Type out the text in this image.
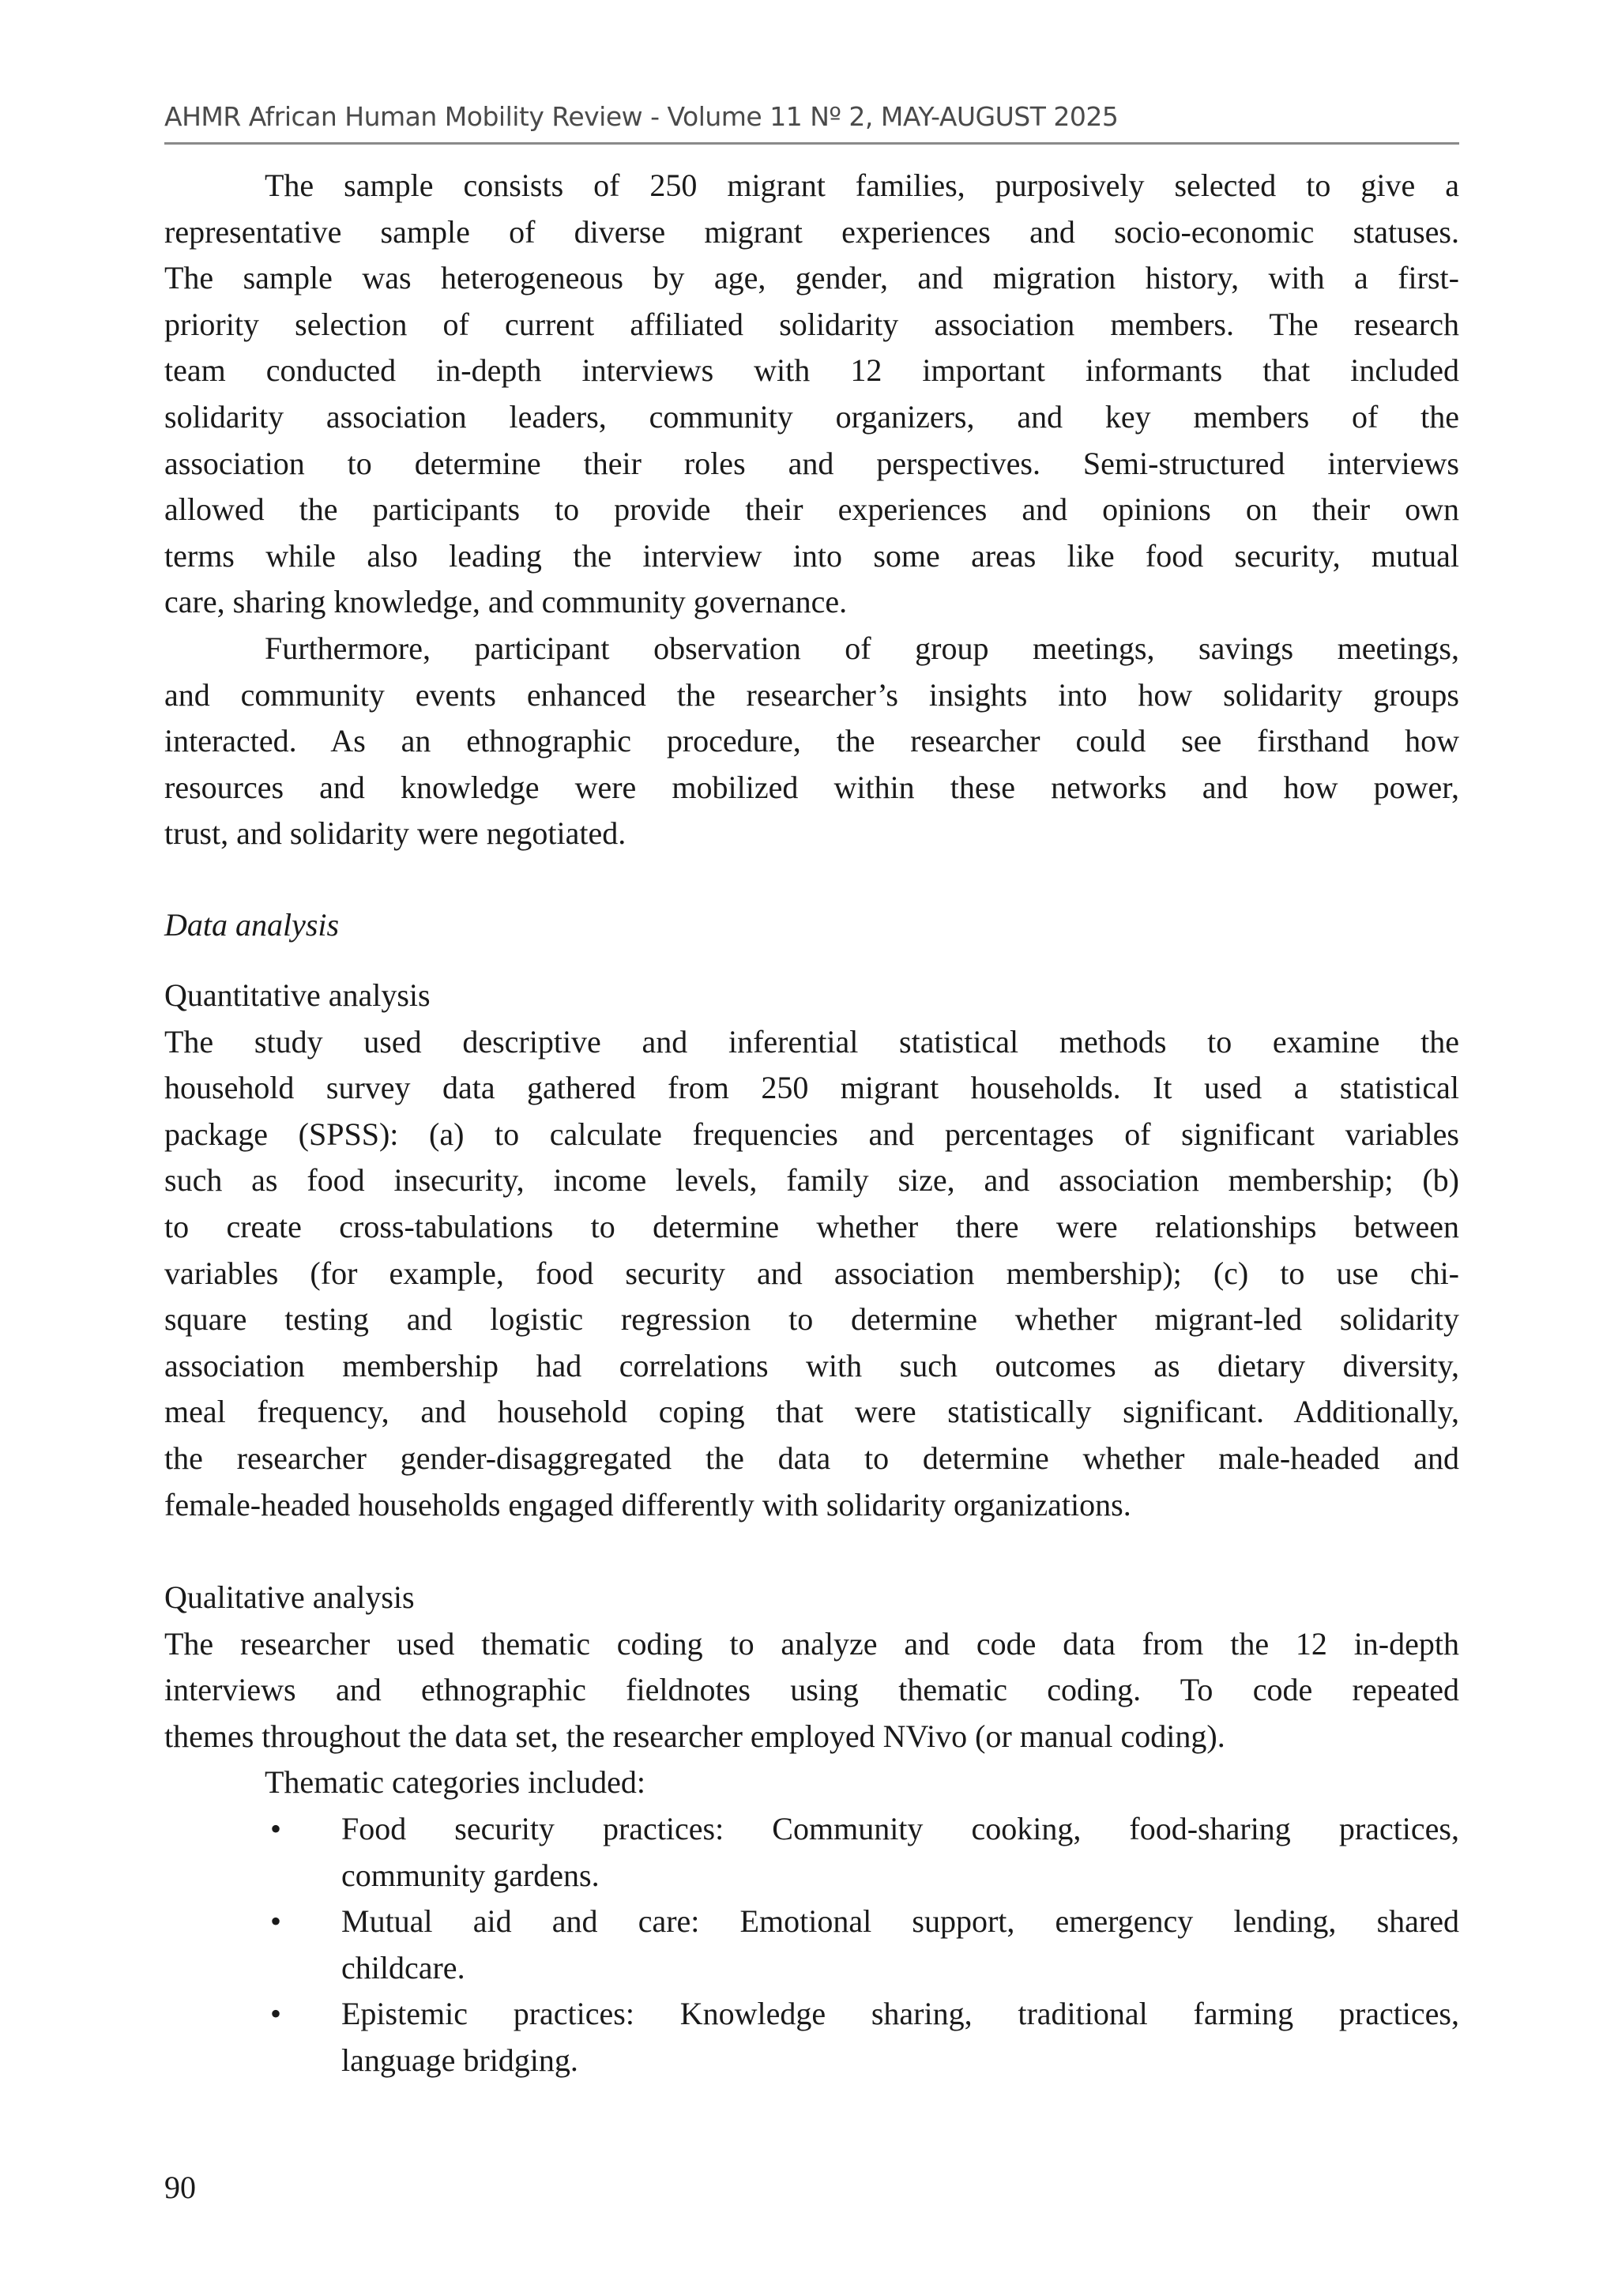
AHMR African Human Mobility Review - Volume 11 Nº 2, MAY-AUGUST 2025
The sample consists of 250 migrant families, purposively selected to give a
representative sample of diverse migrant experiences and socio-economic statuses.
The sample was heterogeneous by age, gender, and migration history, with a first-
priority selection of current affiliated solidarity association members. The research
team conducted in-depth interviews with 12 important informants that included
solidarity association leaders, community organizers, and key members of the
association to determine their roles and perspectives. Semi-structured interviews
allowed the participants to provide their experiences and opinions on their own
terms while also leading the interview into some areas like food security, mutual
care, sharing knowledge, and community governance.
Furthermore, participant observation of group meetings, savings meetings,
and community events enhanced the researcher’s insights into how solidarity groups
interacted. As an ethnographic procedure, the researcher could see firsthand how
resources and knowledge were mobilized within these networks and how power,
trust, and solidarity were negotiated.
Data analysis
Quantitative analysis
The study used descriptive and inferential statistical methods to examine the
household survey data gathered from 250 migrant households. It used a statistical
package (SPSS): (a) to calculate frequencies and percentages of significant variables
such as food insecurity, income levels, family size, and association membership; (b)
to create cross-tabulations to determine whether there were relationships between
variables (for example, food security and association membership); (c) to use chi-
square testing and logistic regression to determine whether migrant-led solidarity
association membership had correlations with such outcomes as dietary diversity,
meal frequency, and household coping that were statistically significant. Additionally,
the researcher gender-disaggregated the data to determine whether male-headed and
female-headed households engaged differently with solidarity organizations.
Qualitative analysis
The researcher used thematic coding to analyze and code data from the 12 in-depth
interviews and ethnographic fieldnotes using thematic coding. To code repeated
themes throughout the data set, the researcher employed NVivo (or manual coding).
Thematic categories included:
• Food security practices: Community cooking, food-sharing practices,
community gardens.
• Mutual aid and care: Emotional support, emergency lending, shared
childcare.
• Epistemic practices: Knowledge sharing, traditional farming practices,
language bridging.
90
